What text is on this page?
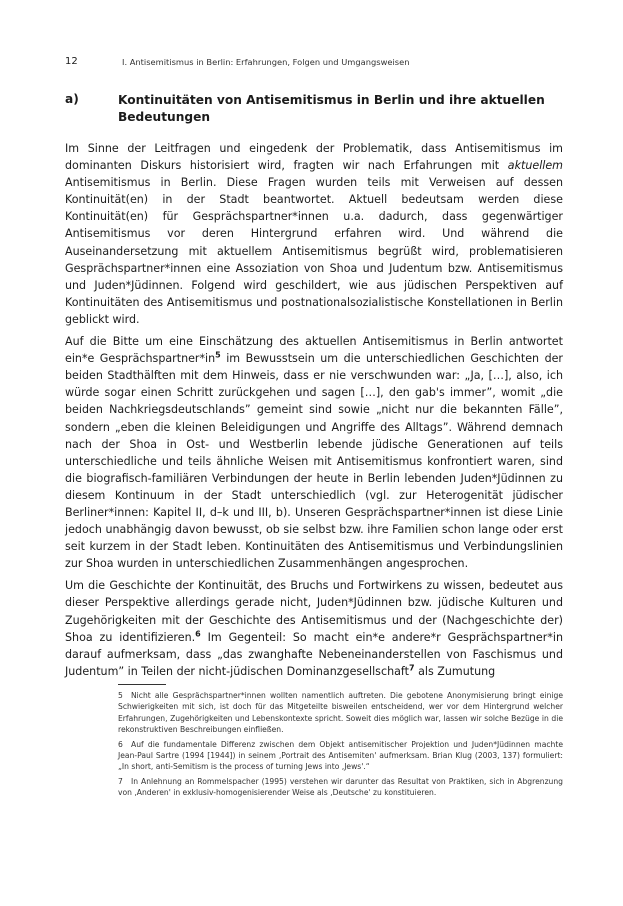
12	I. Antisemitismus in Berlin: Erfahrungen, Folgen und Umgangsweisen
a)	Kontinuitäten von Antisemitismus in Berlin und ihre aktuellen Bedeutungen

Im Sinne der Leitfragen und eingedenk der Problematik, dass Antisemitismus im dominanten Diskurs historisiert wird, fragten wir nach Erfahrungen mit aktuellem Antisemitismus in Berlin. Diese Fragen wurden teils mit Verweisen auf dessen Kontinuität(en) in der Stadt beantwortet. Aktuell bedeutsam werden diese Kontinuität(en) für Gesprächspartner*innen u.a. dadurch, dass gegenwärtiger Antisemitismus vor deren Hintergrund erfahren wird. Und während die Auseinandersetzung mit aktuellem Antisemitismus begrüßt wird, problematisieren Gesprächspartner*innen eine Assoziation von Shoa und Judentum bzw. Antisemitismus und Juden*Jüdinnen. Folgend wird geschildert, wie aus jüdischen Perspektiven auf Kontinuitäten des Antisemitismus und postnationalsozialistische Konstellationen in Berlin geblickt wird.

Auf die Bitte um eine Einschätzung des aktuellen Antisemitismus in Berlin antwortet ein*e $Gesprächspartner*in^5$ im Bewusstsein um die unterschiedlichen Geschichten der beiden Stadthälften mit dem Hinweis, dass er nie verschwunden war: „Ja, […], also, ich würde sogar einen Schritt zurückgehen und sagen […], den gab's immer”, womit „die beiden Nachkriegsdeutschlands” gemeint sind sowie „nicht nur die bekannten Fälle”, sondern „eben die kleinen Beleidigungen und Angriffe des Alltags”. Während demnach nach der Shoa in Ost- und Westberlin lebende jüdische Generationen auf teils unterschiedliche und teils ähnliche Weisen mit Antisemitismus konfrontiert waren, sind die biografisch-familiären Verbindungen der heute in Berlin lebenden Juden*Jüdinnen zu diesem Kontinuum in der Stadt unterschiedlich (vgl. zur Heterogenität jüdischer Berliner*innen: Kapitel II, d–k und III, b). Unseren Gesprächspartner*innen ist diese Linie jedoch unabhängig davon bewusst, ob sie selbst bzw. ihre Familien schon lange oder erst seit kurzem in der Stadt leben. Kontinuitäten des Antisemitismus und Verbindungslinien zur Shoa wurden in unterschiedlichen Zusammenhängen angesprochen.

Um die Geschichte der Kontinuität, des Bruchs und Fortwirkens zu wissen, bedeutet aus dieser Perspektive allerdings gerade nicht, Juden*Jüdinnen bzw. jüdische Kulturen und Zugehörigkeiten mit der Geschichte des Antisemitismus und der (Nachgeschichte der) Shoa zu identifizieren.$^6$ Im Gegenteil: So macht ein*e andere*r Gesprächspartner*in darauf aufmerksam, dass „das zwanghafte Nebeneinanderstellen von Faschismus und Judentum” in Teilen der nicht-jüdischen Dominanzgesellschaft$^7$ als Zumutung

5 Nicht alle Gesprächspartner*innen wollten namentlich auftreten. Die gebotene Anonymisierung bringt einige Schwierigkeiten mit sich, ist doch für das Mitgeteilte bisweilen entscheidend, wer vor dem Hintergrund welcher Erfahrungen, Zugehörigkeiten und Lebenskontexte spricht. Soweit dies möglich war, lassen wir solche Bezüge in die rekonstruktiven Beschreibungen einfließen.
6 Auf die fundamentale Differenz zwischen dem Objekt antisemitischer Projektion und Juden*Jüdinnen machte Jean-Paul Sartre (1994 [1944]) in seinem ‚Portrait des Antisemiten' aufmerksam. Brian Klug (2003, 137) formuliert: „In short, anti-Semitism is the process of turning Jews into ‚Jews'.“
7 In Anlehnung an Rommelspacher (1995) verstehen wir darunter das Resultat von Praktiken, sich in Abgrenzung von ‚Anderen' in exklusiv-homogenisierender Weise als ‚Deutsche' zu konstituieren.
